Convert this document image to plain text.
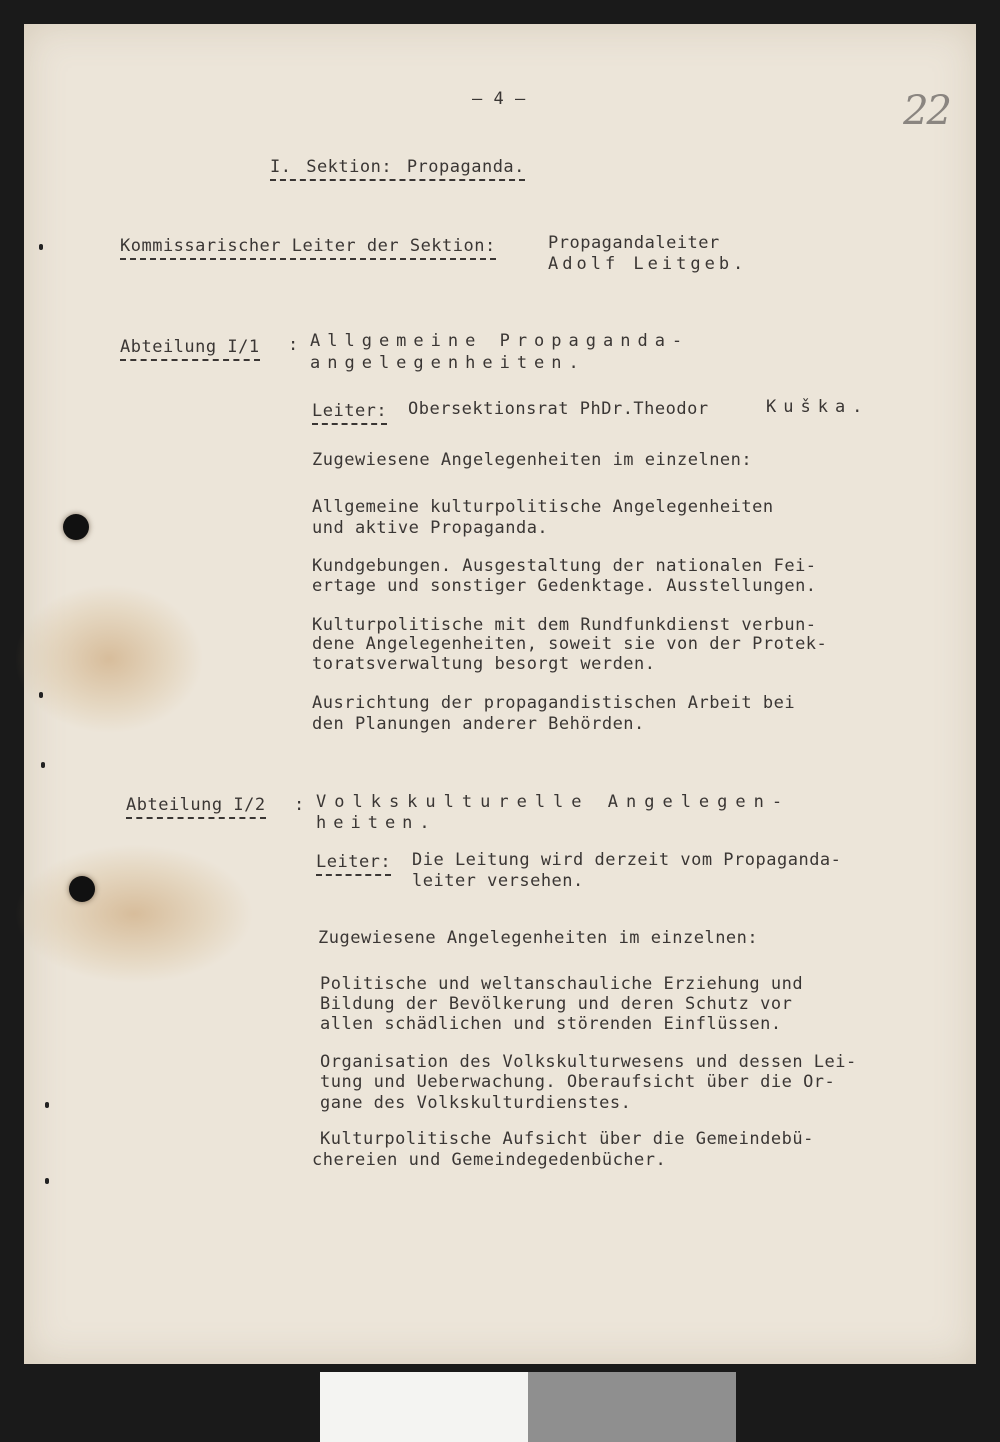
22
– 4 –
I. Sektion: Propaganda.
Kommissarischer Leiter der Sektion:	Propagandaleiter
Adolf Leitgeb.
Abteilung I/1 : Allgemeine Propaganda-
angelegenheiten.
Leiter: Obersektionsrat PhDr.Theodor	Kuška.
Zugewiesene Angelegenheiten im einzelnen:
Allgemeine kulturpolitische Angelegenheiten
und aktive Propaganda.
Kundgebungen. Ausgestaltung der nationalen Fei-
ertage und sonstiger Gedenktage. Ausstellungen.
Kulturpolitische mit dem Rundfunkdienst verbun-
dene Angelegenheiten, soweit sie von der Protek-
toratsverwaltung besorgt werden.
Ausrichtung der propagandistischen Arbeit bei
den Planungen anderer Behörden.
Abteilung I/2 : Volkskulturelle Angelegen-
heiten.
Leiter: Die Leitung wird derzeit vom Propaganda-
leiter versehen.
Zugewiesene Angelegenheiten im einzelnen:
Politische und weltanschauliche Erziehung und
Bildung der Bevölkerung und deren Schutz vor
allen schädlichen und störenden Einflüssen.
Organisation des Volkskulturwesens und dessen Lei-
tung und Ueberwachung. Oberaufsicht über die Or-
gane des Volkskulturdienstes.
Kulturpolitische Aufsicht über die Gemeindebü-
chereien und Gemeindegedenbücher.
